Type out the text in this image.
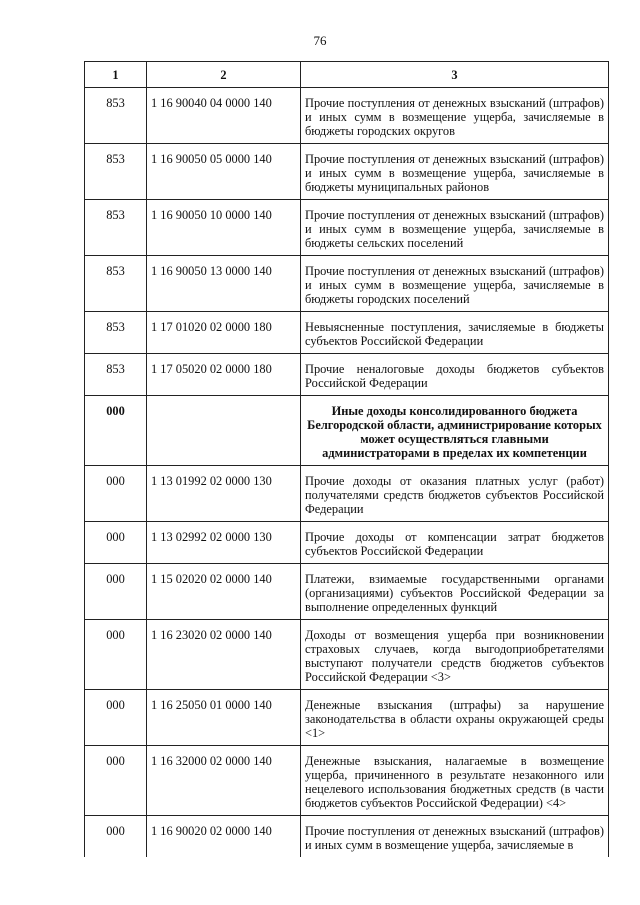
76
1	2	3
853	1 16 90040 04 0000 140	Прочие поступления от денежных взысканий (штрафов) и иных сумм в возмещение ущерба, зачисляемые в бюджеты городских округов
853	1 16 90050 05 0000 140	Прочие поступления от денежных взысканий (штрафов) и иных сумм в возмещение ущерба, зачисляемые в бюджеты муниципальных районов
853	1 16 90050 10 0000 140	Прочие поступления от денежных взысканий (штрафов) и иных сумм в возмещение ущерба, зачисляемые в бюджеты сельских поселений
853	1 16 90050 13 0000 140	Прочие поступления от денежных взысканий (штрафов) и иных сумм в возмещение ущерба, зачисляемые в бюджеты городских поселений
853	1 17 01020 02 0000 180	Невыясненные поступления, зачисляемые в бюджеты субъектов Российской Федерации
853	1 17 05020 02 0000 180	Прочие неналоговые доходы бюджетов субъектов Российской Федерации
000		Иные доходы консолидированного бюджета Белгородской области, администрирование которых может осуществляться главными администраторами в пределах их компетенции
000	1 13 01992 02 0000 130	Прочие доходы от оказания платных услуг (работ) получателями средств бюджетов субъектов Российской Федерации
000	1 13 02992 02 0000 130	Прочие доходы от компенсации затрат бюджетов субъектов Российской Федерации
000	1 15 02020 02 0000 140	Платежи, взимаемые государственными органами (организациями) субъектов Российской Федерации за выполнение определенных функций
000	1 16 23020 02 0000 140	Доходы от возмещения ущерба при возникновении страховых случаев, когда выгодоприобретателями выступают получатели средств бюджетов субъектов Российской Федерации <3>
000	1 16 25050 01 0000 140	Денежные взыскания (штрафы) за нарушение законодательства в области охраны окружающей среды <1>
000	1 16 32000 02 0000 140	Денежные взыскания, налагаемые в возмещение ущерба, причиненного в результате незаконного или нецелевого использования бюджетных средств (в части бюджетов субъектов Российской Федерации) <4>
000	1 16 90020 02 0000 140	Прочие поступления от денежных взысканий (штрафов) и иных сумм в возмещение ущерба, зачисляемые в
